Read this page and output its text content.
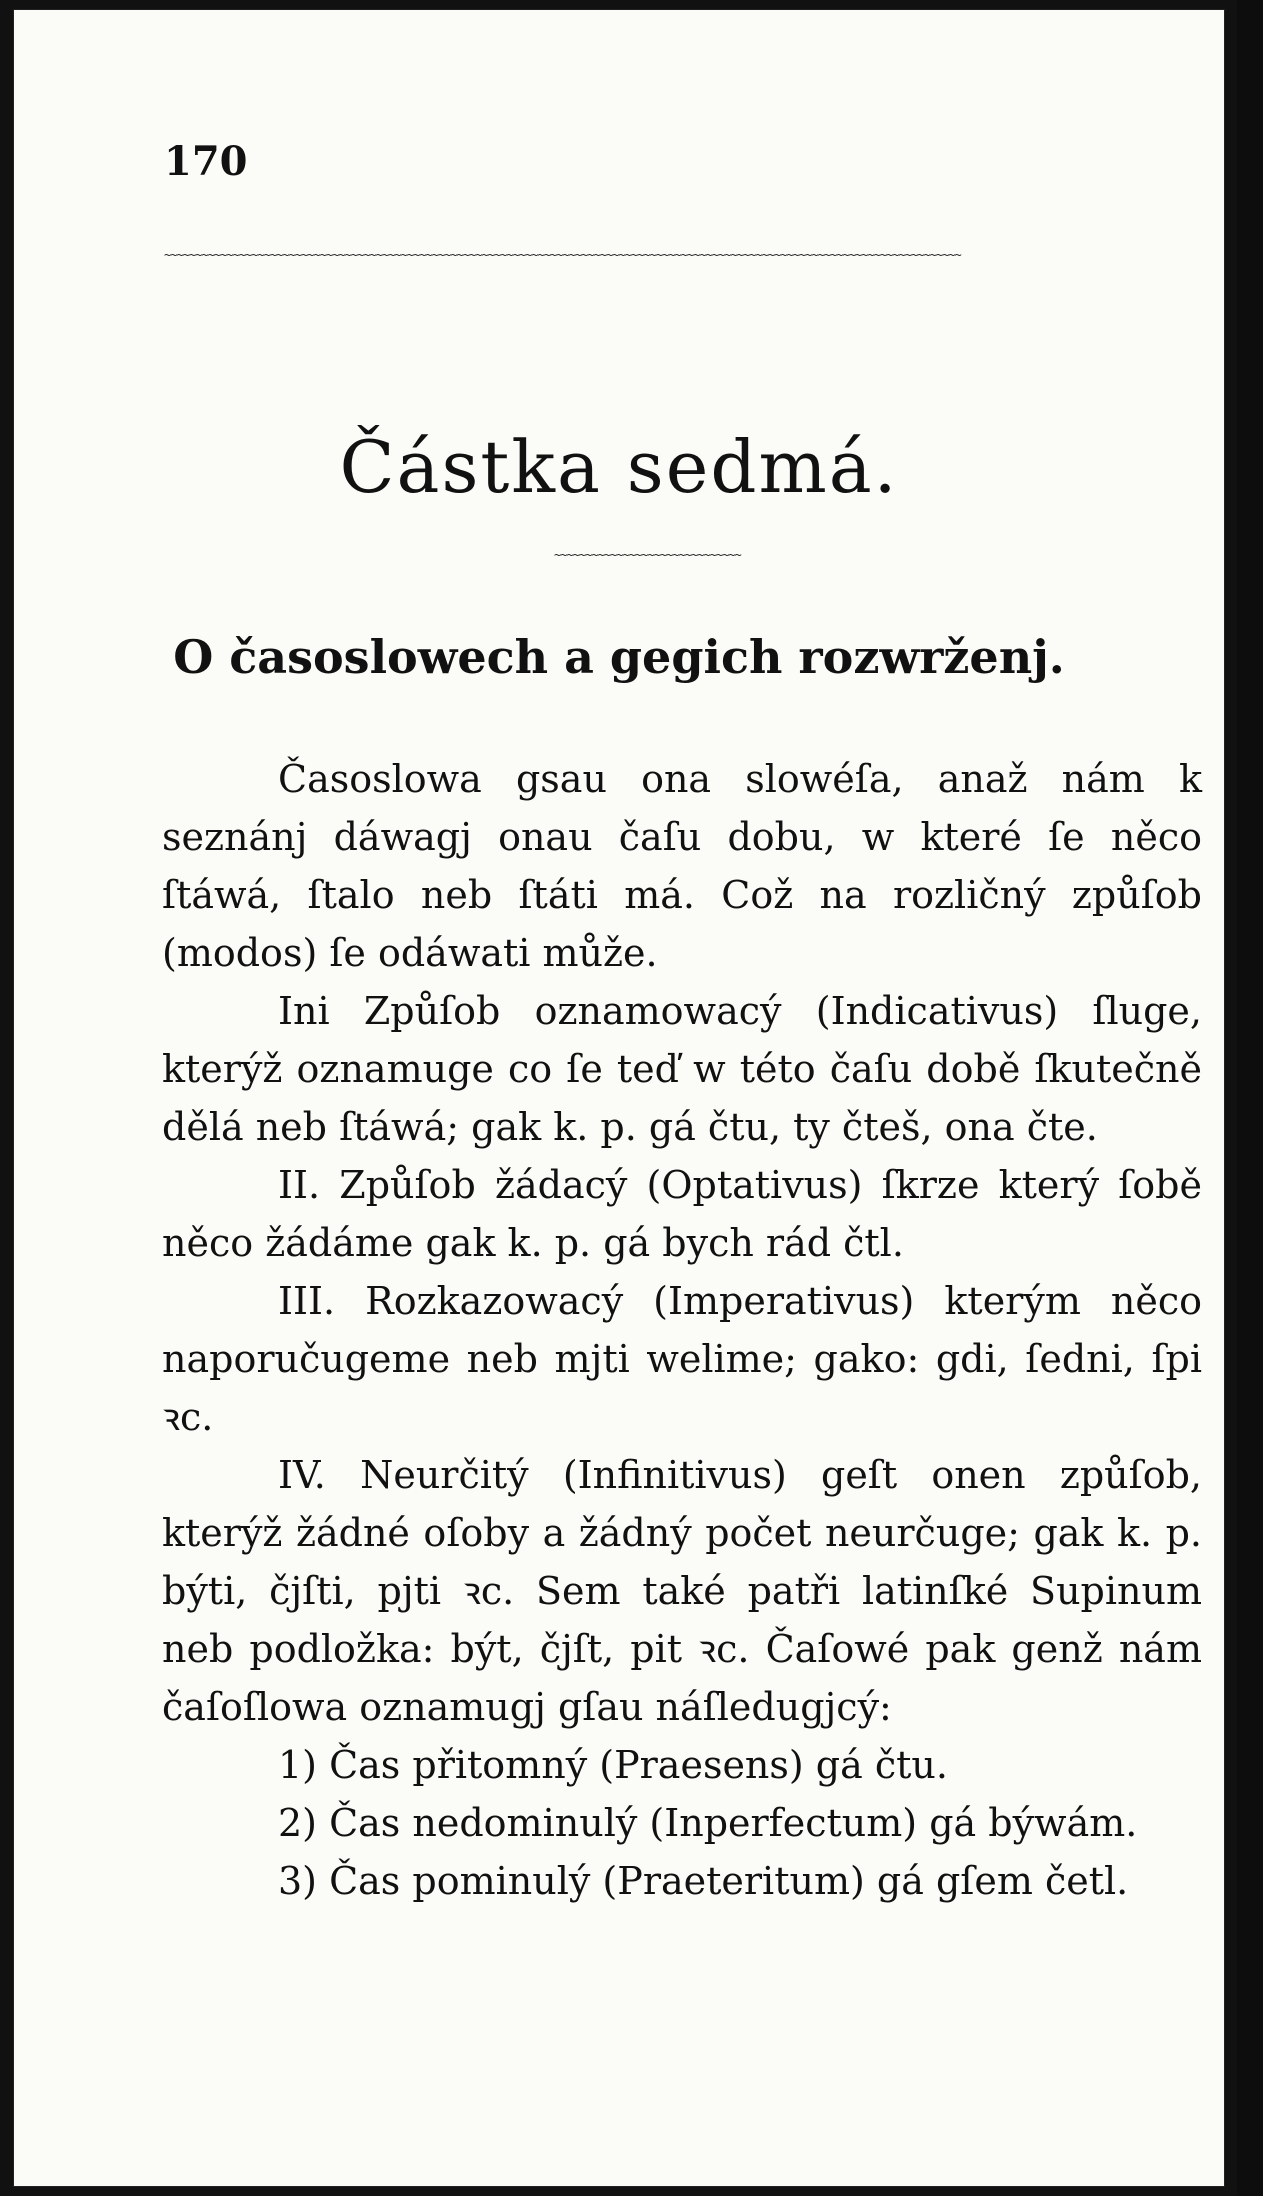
170
~~~~~~~~~~~~~~~~~~~~~~~~~~~~~~~~~~~~~~~~~~~~~~~~~~~~~~~~~~~~~~~~~~~~~~~~~~~~~~~~~~~~~~~~~~~~~~~~~~~~~~~~~~~~~~~~~~~~~~~~~~~~~~~~
Částka sedmá.
~~~~~~~~~~~~~~~~~~~~~~~~~~~~~~
O časoslowech a gegich rozwrženj.

Časoslowa gsau ona slowéſa, anaž nám k seznánj dáwagj onau čaſu dobu, w které ſe něco ſtáwá, ſtalo neb ſtáti má. Což na rozličný způſob (modos) ſe odáwati může.

Ini Způſob oznamowacý (Indicativus) ſluge, kterýž oznamuge co ſe teď w této čaſu době ſkutečně dělá neb ſtáwá; gak k. p. gá čtu, ty čteš, ona čte.

II. Způſob žádacý (Optativus) ſkrze který ſobě něco žádáme gak k. p. gá bych rád čtl.

III. Rozkazowacý (Imperativus) kterým něco naporučugeme neb mjti welime; gako: gdi, ſedni, ſpi ꝛc.

IV. Neurčitý (Infinitivus) geſt onen způſob, kterýž žádné oſoby a žádný počet neurčuge; gak k. p. býti, čjſti, pjti ꝛc. Sem také patři latinſké Supinum neb podložka: být, čjſt, pit ꝛc. Čaſowé pak genž nám čaſoſlowa oznamugj gſau náſledugjcý:

1) Čas přitomný (Praesens) gá čtu.

2) Čas nedominulý (Inperfectum) gá býwám.

3) Čas pominulý (Praeteritum) gá gſem četl.
